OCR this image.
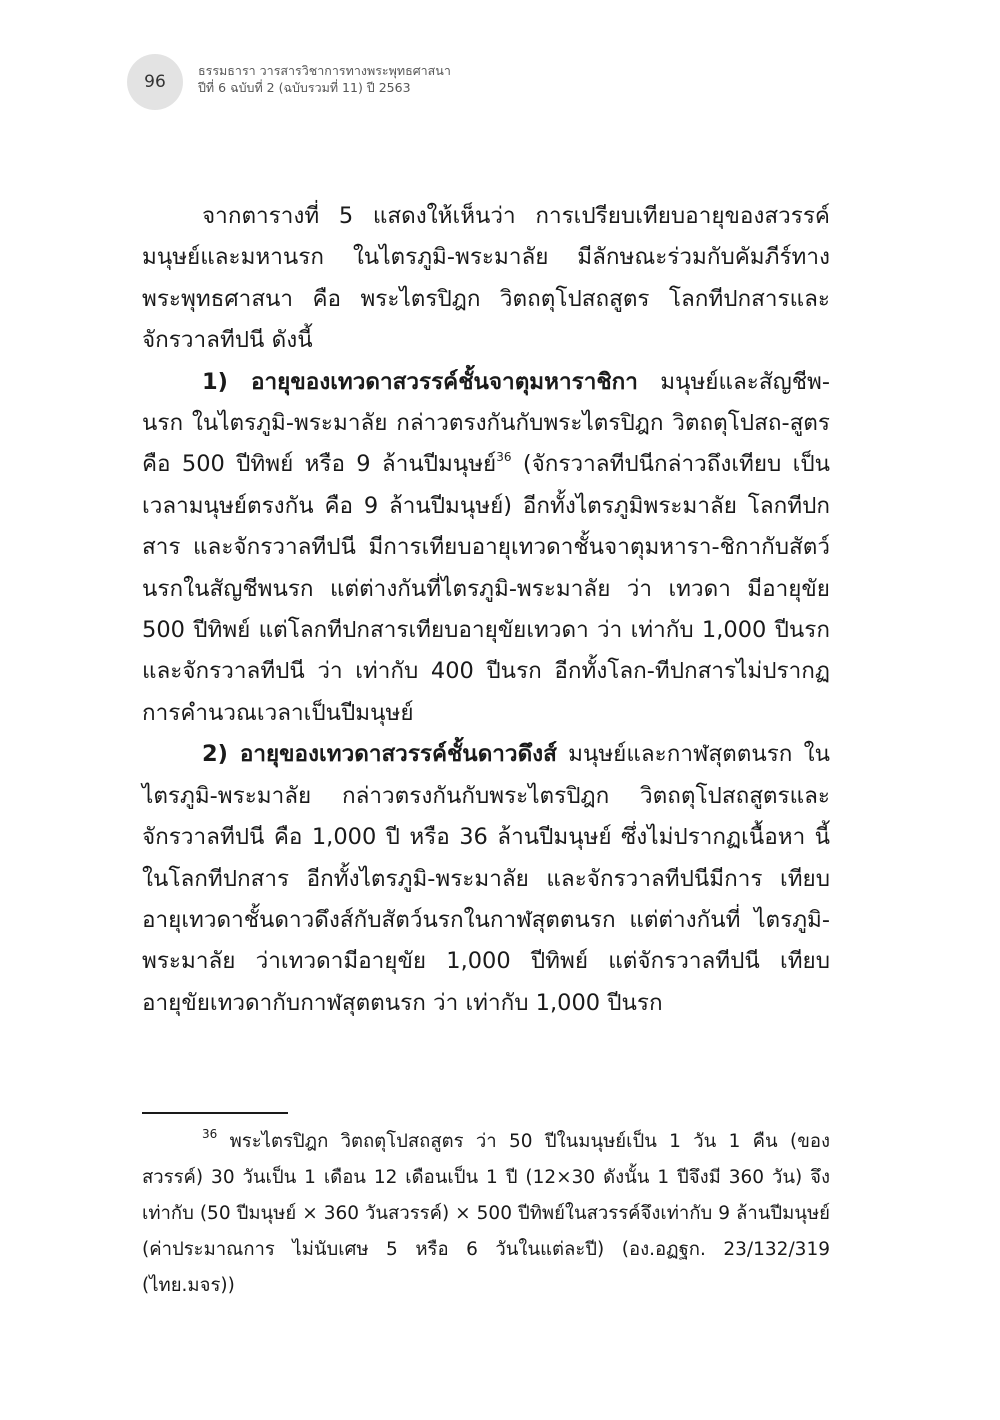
96
ธรรมธารา วารสารวิชาการทางพระพุทธศาสนา
ปีที่ 6 ฉบับที่ 2 (ฉบับรวมที่ 11) ปี 2563

จากตารางที่ 5 แสดงให้เห็นว่า การเปรียบเทียบอายุของสวรรค์ มนุษย์และมหานรก ในไตรภูมิ-พระมาลัย มีลักษณะร่วมกับคัมภีร์ทาง พระพุทธศาสนา คือ พระไตรปิฎก วิตถตุโปสถสูตร โลกทีปกสารและ จักรวาลทีปนี ดังนี้

1) อายุของเทวดาสวรรค์ชั้นจาตุมหาราชิกา มนุษย์และสัญชีพ-นรก ในไตรภูมิ-พระมาลัย กล่าวตรงกันกับพระไตรปิฎก วิตถตุโปสถ-สูตร คือ 500 ปีทิพย์ หรือ 9 ล้านปีมนุษย์$^{36}$ (จักรวาลทีปนีกล่าวถึงเทียบ เป็นเวลามนุษย์ตรงกัน คือ 9 ล้านปีมนุษย์) อีกทั้งไตรภูมิพระมาลัย โลกทีปกสาร และจักรวาลทีปนี มีการเทียบอายุเทวดาชั้นจาตุมหารา-ชิกากับสัตว์นรกในสัญชีพนรก แต่ต่างกันที่ไตรภูมิ-พระมาลัย ว่า เทวดา มีอายุขัย 500 ปีทิพย์ แต่โลกทีปกสารเทียบอายุขัยเทวดา ว่า เท่ากับ 1,000 ปีนรก และจักรวาลทีปนี ว่า เท่ากับ 400 ปีนรก อีกทั้งโลก-ทีปกสารไม่ปรากฏการคำนวณเวลาเป็นปีมนุษย์

2) อายุของเทวดาสวรรค์ชั้นดาวดึงส์ มนุษย์และกาฬสุตตนรก ในไตรภูมิ-พระมาลัย กล่าวตรงกันกับพระไตรปิฎก วิตถตุโปสถสูตรและ จักรวาลทีปนี คือ 1,000 ปี หรือ 36 ล้านปีมนุษย์ ซึ่งไม่ปรากฏเนื้อหา นี้ในโลกทีปกสาร อีกทั้งไตรภูมิ-พระมาลัย และจักรวาลทีปนีมีการ เทียบอายุเทวดาชั้นดาวดึงส์กับสัตว์นรกในกาฬสุตตนรก แต่ต่างกันที่ ไตรภูมิ-พระมาลัย ว่าเทวดามีอายุขัย 1,000 ปีทิพย์ แต่จักรวาลทีปนี เทียบอายุขัยเทวดากับกาฬสุตตนรก ว่า เท่ากับ 1,000 ปีนรก

$^{36}$ พระไตรปิฎก วิตถตุโปสถสูตร ว่า 50 ปีในมนุษย์เป็น 1 วัน 1 คืน (ของ สวรรค์) 30 วันเป็น 1 เดือน 12 เดือนเป็น 1 ปี (12×30 ดังนั้น 1 ปีจึงมี 360 วัน) จึงเท่ากับ (50 ปีมนุษย์ × 360 วันสวรรค์) × 500 ปีทิพย์ในสวรรค์จึงเท่ากับ 9 ล้านปีมนุษย์ (ค่าประมาณการ ไม่นับเศษ 5 หรือ 6 วันในแต่ละปี) (อง.อฏฐก. 23/132/319 (ไทย.มจร))
